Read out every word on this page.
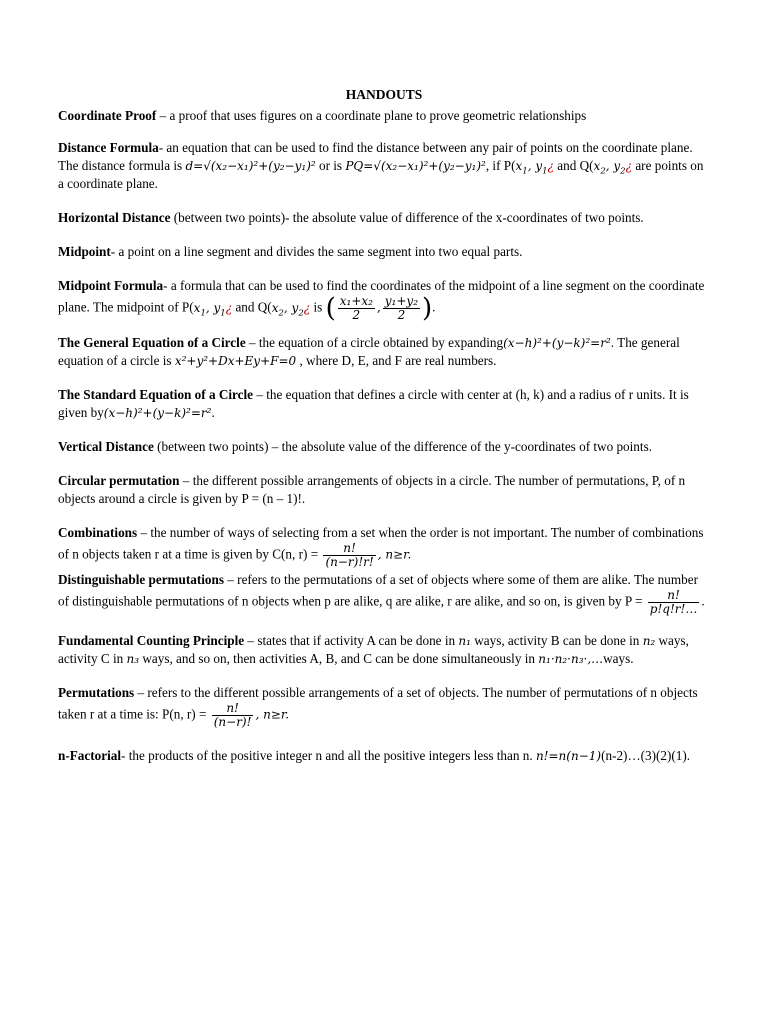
HANDOUTS

Coordinate Proof – a proof that uses figures on a coordinate plane to prove geometric relationships

Distance Formula- an equation that can be used to find the distance between any pair of points on the coordinate plane. The distance formula is d=√(x₂−x₁)²+(y₂−y₁)² or is PQ=√(x₂−x₁)²+(y₂−y₁)², if $P(x_1$, $y_1¿$ and $Q(x_2$, $y_2¿$ are points on a coordinate plane.

Horizontal Distance (between two points)- the absolute value of difference of the x-coordinates of two points.

Midpoint- a point on a line segment and divides the same segment into two equal parts.

Midpoint Formula- a formula that can be used to find the coordinates of the midpoint of a line segment on the coordinate plane. The midpoint of $P(x_1$, $y_1¿$ and $Q(x_2$, $y_2¿$ is ( $\frac{\text{x₁+x₂}}{2}$ , $\frac{\text{y₁+y₂}}{2}$ ).

The General Equation of a Circle – the equation of a circle obtained by expanding(x−h)²+(y−k)²=r². The general equation of a circle is x²+y²+Dx+Ey+F=0 , where D, E, and F are real numbers.

The Standard Equation of a Circle – the equation that defines a circle with center at (h, k) and a radius of r units. It is given by(x−h)²+(y−k)²=r².

Vertical Distance (between two points) – the absolute value of the difference of the y-coordinates of two points.

Circular permutation – the different possible arrangements of objects in a circle. The number of permutations, P, of n objects around a circle is given by P = (n – 1)!.

Combinations – the number of ways of selecting from a set when the order is not important. The number of combinations of n objects taken r at a time is given by C(n, $r) = \frac{n!}{(n-r)!r!}$ , n≥r.

Distinguishable permutations – refers to the permutations of a set of objects where some of them are alike. The number of distinguishable permutations of n objects when p are alike, q are alike, r are alike, and so on, is given by $P = \frac{n!}{p!q!r!\dots}$ .

Fundamental Counting Principle – states that if activity A can be done in n₁ ways, activity B can be done in n₂ ways, activity C in n₃ ways, and so on, then activities A, B, and C can be done simultaneously in n₁·n₂·n₃·,…ways.

Permutations – refers to the different possible arrangements of a set of objects. The number of permutations of n objects taken r at a time is: P(n, $r) = \frac{n!}{(n-r)!}$ , n≥r.

n-Factorial- the products of the positive integer n and all the positive integers less than n. n!=n(n−1)(n-2)…(3)(2)(1).
